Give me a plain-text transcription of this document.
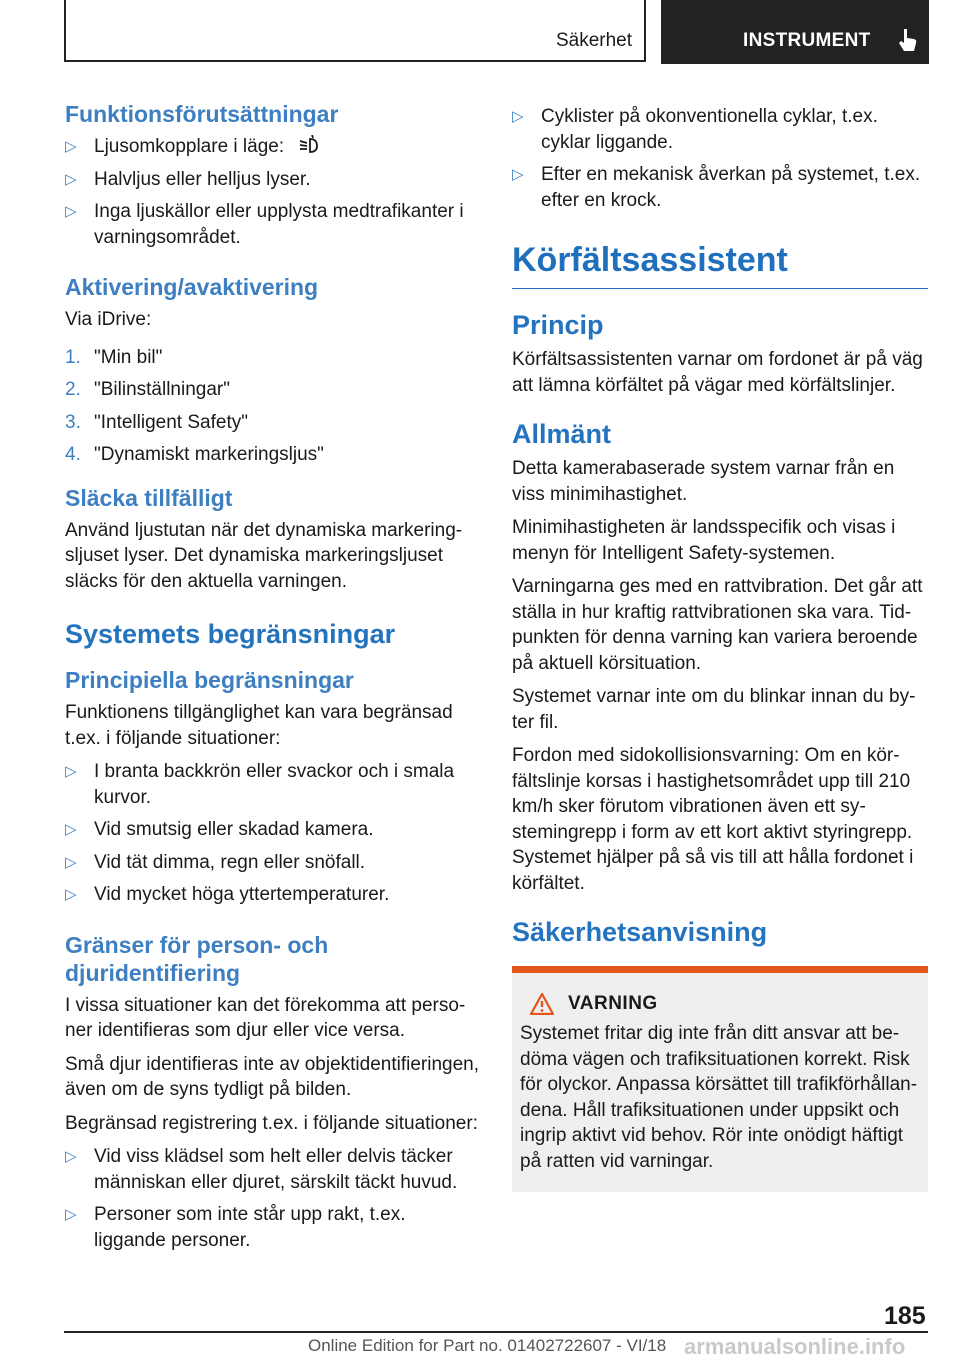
Säkerhet	INSTRUMENT
Funktionsförutsättningar
▷ Ljusomkopplare i läge:
▷ Halvljus eller helljus lyser.
▷ Inga ljuskällor eller upplysta medtrafikanter i varningsområdet.
Aktivering/avaktivering

Via iDrive:

1. "Min bil"
2. "Bilinställningar"
3. "Intelligent Safety"
4. "Dynamiskt markeringsljus"
Släcka tillfälligt

Använd ljustutan när det dynamiska markeringsljuset lyser. Det dynamiska markeringsljuset släcks för den aktuella varningen.

Systemets begränsningar
Principiella begränsningar

Funktionens tillgänglighet kan vara begränsad t.ex. i följande situationer:

▷ I branta backkrön eller svackor och i smala kurvor.
▷ Vid smutsig eller skadad kamera.
▷ Vid tät dimma, regn eller snöfall.
▷ Vid mycket höga yttertemperaturer.
Gränser för person- och djuridentifiering

I vissa situationer kan det förekomma att personer identifieras som djur eller vice versa.

Små djur identifieras inte av objektidentifieringen, även om de syns tydligt på bilden.

Begränsad registrering t.ex. i följande situationer:

▷ Vid viss klädsel som helt eller delvis täcker människan eller djuret, särskilt täckt huvud.
▷ Personer som inte står upp rakt, t.ex. liggande personer.
▷ Cyklister på okonventionella cyklar, t.ex. cyklar liggande.
▷ Efter en mekanisk åverkan på systemet, t.ex. efter en krock.
Körfältsassistent
Princip

Körfältsassistenten varnar om fordonet är på väg att lämna körfältet på vägar med körfältslinjer.

Allmänt

Detta kamerabaserade system varnar från en viss minimihastighet.

Minimihastigheten är landsspecifik och visas i menyn för Intelligent Safety-systemen.

Varningarna ges med en rattvibration. Det går att ställa in hur kraftig rattvibrationen ska vara. Tidpunkten för denna varning kan variera beroende på aktuell körsituation.

Systemet varnar inte om du blinkar innan du byter fil.

Fordon med sidokollisionsvarning: Om en körfältslinje korsas i hastighetsområdet upp till 210 km/h sker förutom vibrationen även ett systemingrepp i form av ett kort aktivt styringrepp. Systemet hjälper på så vis till att hålla fordonet i körfältet.

Säkerhetsanvisning
VARNING

Systemet fritar dig inte från ditt ansvar att bedöma vägen och trafiksituationen korrekt. Risk för olyckor. Anpassa körsättet till trafikförhållandena. Håll trafiksituationen under uppsikt och ingrip aktivt vid behov. Rör inte onödigt häftigt på ratten vid varningar.

185
Online Edition for Part no. 01402722607 - VI/18 armanualsonline.info
